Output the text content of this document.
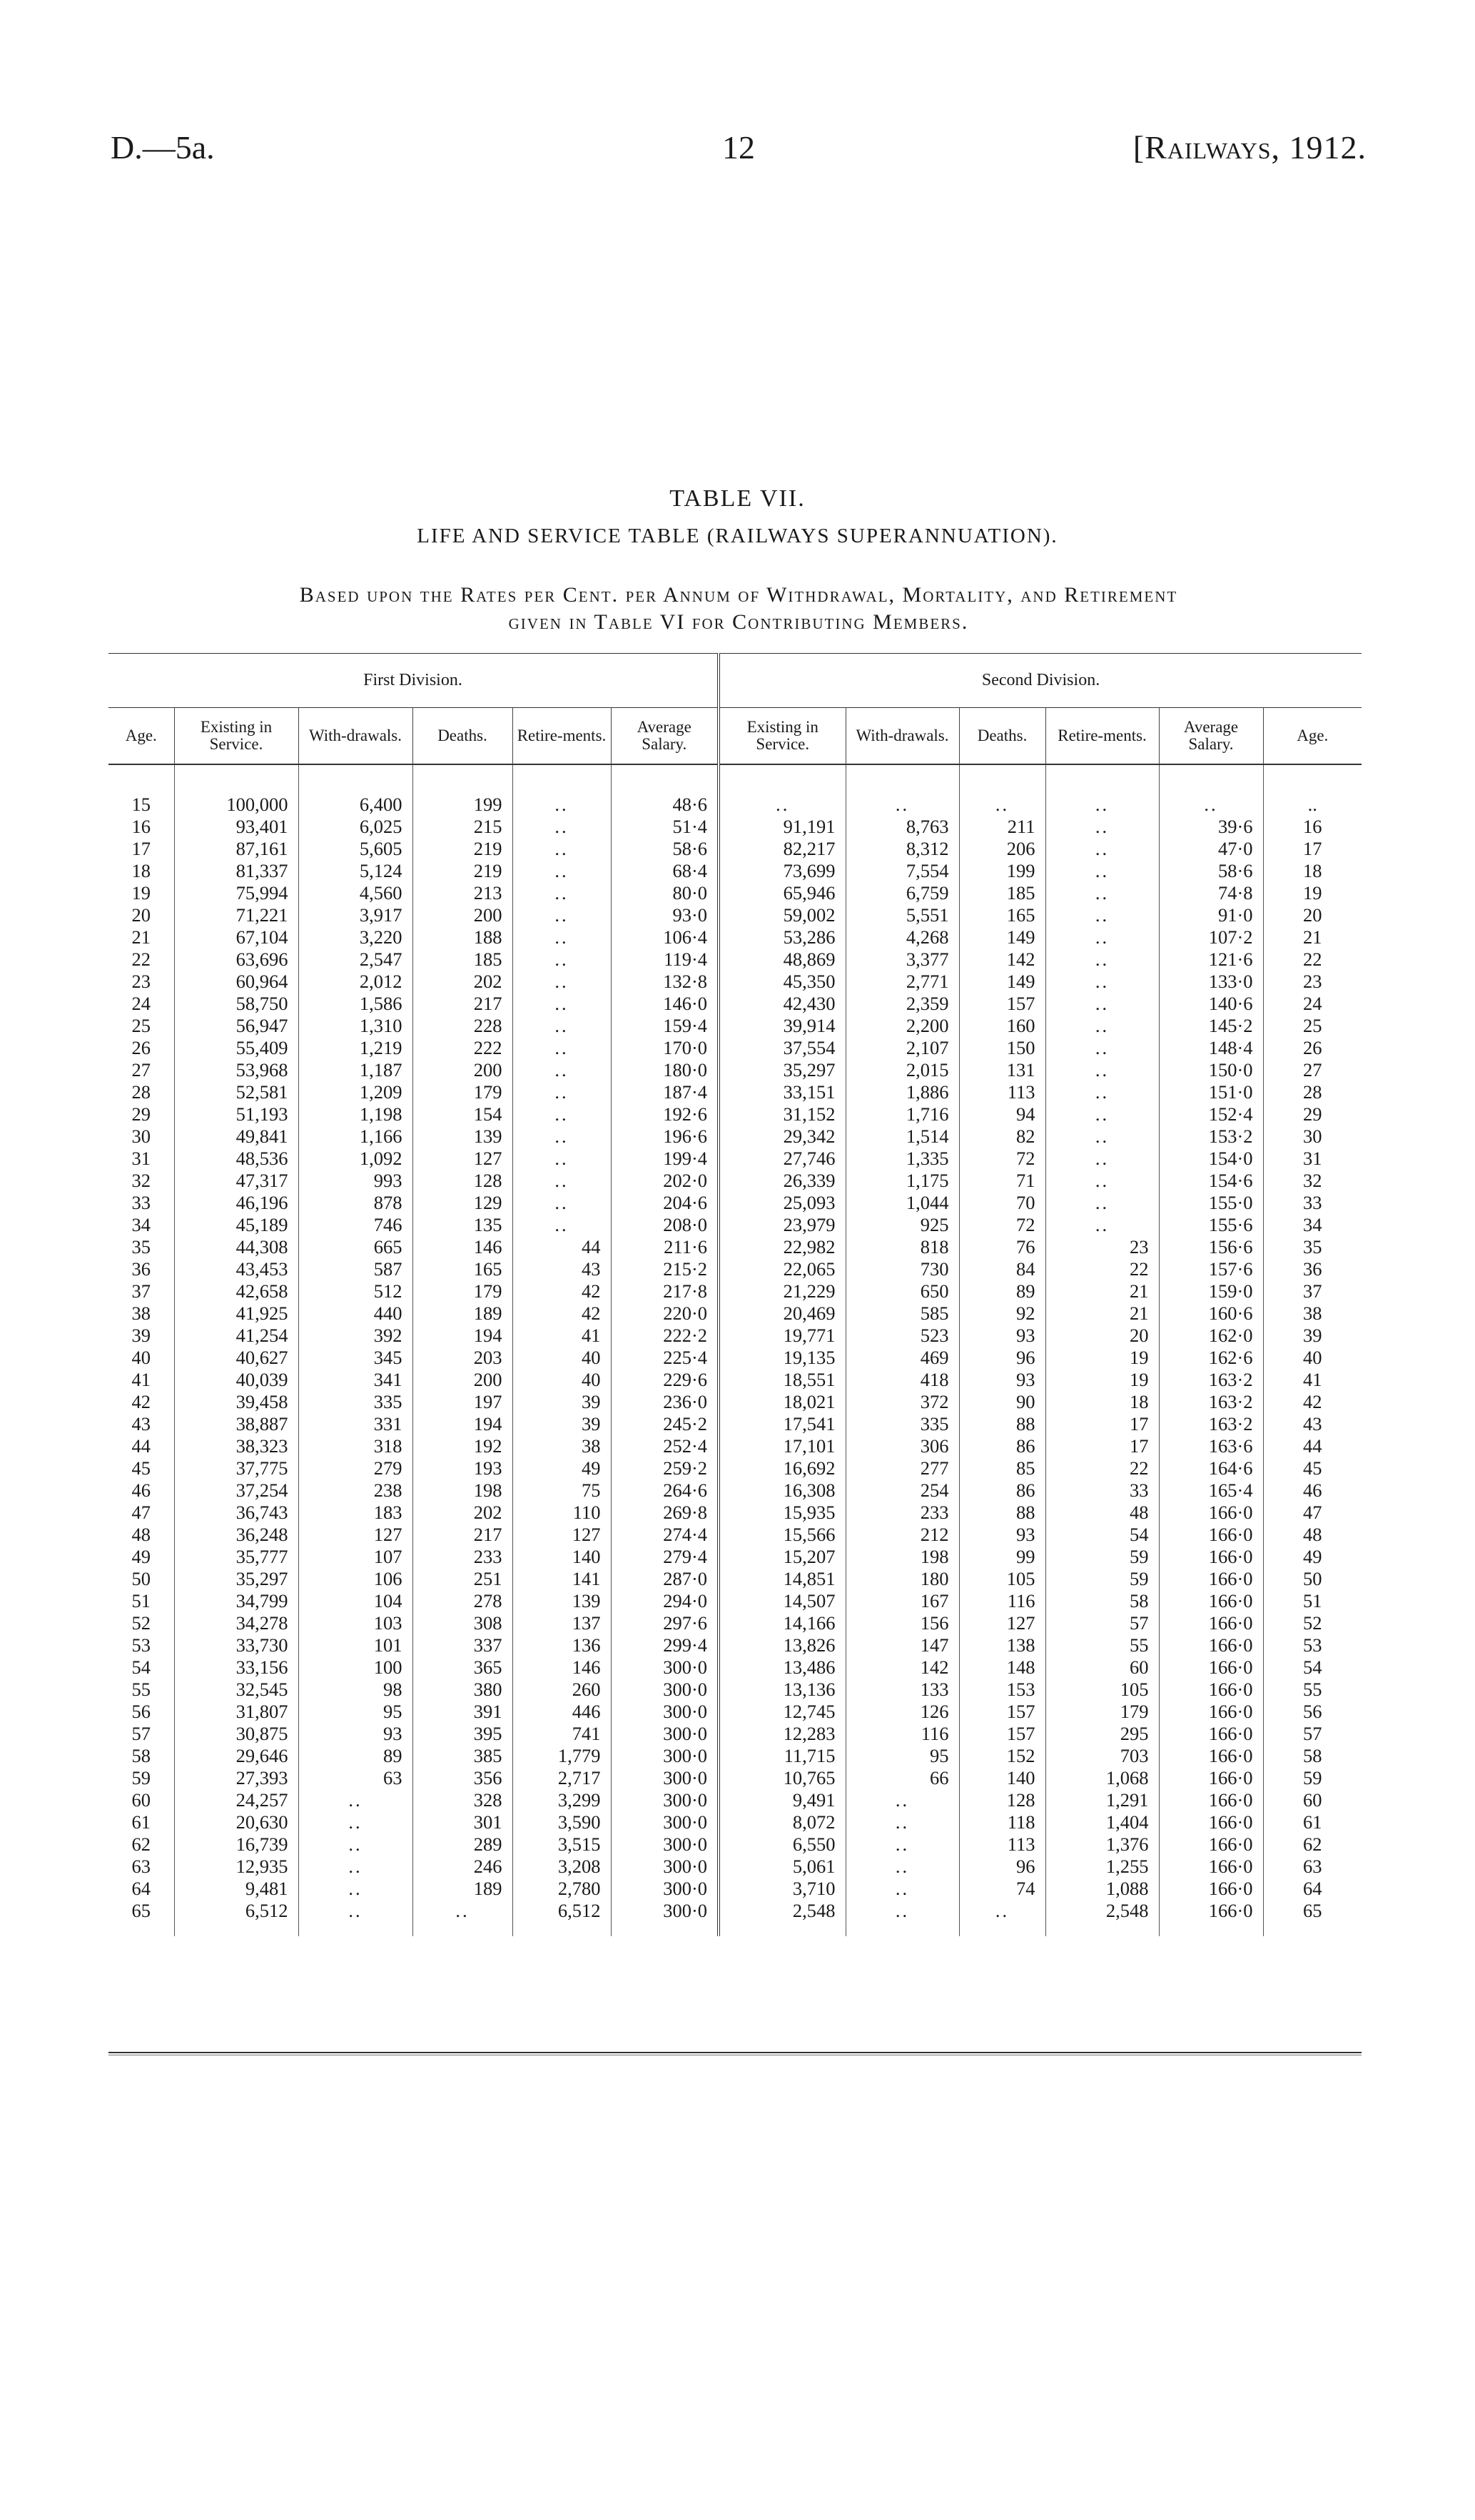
D.—5a.	12	[Railways, 1912.
TABLE VII.
LIFE AND SERVICE TABLE (RAILWAYS SUPERANNUATION).
Based upon the Rates per Cent. per Annum of Withdrawal, Mortality, and Retirement
given in Table VI for Contributing Members.
First Division.						Second Division.					
Age.	Existing in Service.	With-drawals.	Deaths.	Retire-ments.	Average Salary.	Existing in Service.	With-drawals.	Deaths.	Retire-ments.	Average Salary.	Age.

15	100,000	6,400	199	..	48·6	..	..	..	..	..	..
16	93,401	6,025	215	..	51·4	91,191	8,763	211	..	39·6	16
17	87,161	5,605	219	..	58·6	82,217	8,312	206	..	47·0	17
18	81,337	5,124	219	..	68·4	73,699	7,554	199	..	58·6	18
19	75,994	4,560	213	..	80·0	65,946	6,759	185	..	74·8	19
20	71,221	3,917	200	..	93·0	59,002	5,551	165	..	91·0	20
21	67,104	3,220	188	..	106·4	53,286	4,268	149	..	107·2	21
22	63,696	2,547	185	..	119·4	48,869	3,377	142	..	121·6	22
23	60,964	2,012	202	..	132·8	45,350	2,771	149	..	133·0	23
24	58,750	1,586	217	..	146·0	42,430	2,359	157	..	140·6	24
25	56,947	1,310	228	..	159·4	39,914	2,200	160	..	145·2	25
26	55,409	1,219	222	..	170·0	37,554	2,107	150	..	148·4	26
27	53,968	1,187	200	..	180·0	35,297	2,015	131	..	150·0	27
28	52,581	1,209	179	..	187·4	33,151	1,886	113	..	151·0	28
29	51,193	1,198	154	..	192·6	31,152	1,716	94	..	152·4	29
30	49,841	1,166	139	..	196·6	29,342	1,514	82	..	153·2	30
31	48,536	1,092	127	..	199·4	27,746	1,335	72	..	154·0	31
32	47,317	993	128	..	202·0	26,339	1,175	71	..	154·6	32
33	46,196	878	129	..	204·6	25,093	1,044	70	..	155·0	33
34	45,189	746	135	..	208·0	23,979	925	72	..	155·6	34
35	44,308	665	146	44	211·6	22,982	818	76	23	156·6	35
36	43,453	587	165	43	215·2	22,065	730	84	22	157·6	36
37	42,658	512	179	42	217·8	21,229	650	89	21	159·0	37
38	41,925	440	189	42	220·0	20,469	585	92	21	160·6	38
39	41,254	392	194	41	222·2	19,771	523	93	20	162·0	39
40	40,627	345	203	40	225·4	19,135	469	96	19	162·6	40
41	40,039	341	200	40	229·6	18,551	418	93	19	163·2	41
42	39,458	335	197	39	236·0	18,021	372	90	18	163·2	42
43	38,887	331	194	39	245·2	17,541	335	88	17	163·2	43
44	38,323	318	192	38	252·4	17,101	306	86	17	163·6	44
45	37,775	279	193	49	259·2	16,692	277	85	22	164·6	45
46	37,254	238	198	75	264·6	16,308	254	86	33	165·4	46
47	36,743	183	202	110	269·8	15,935	233	88	48	166·0	47
48	36,248	127	217	127	274·4	15,566	212	93	54	166·0	48
49	35,777	107	233	140	279·4	15,207	198	99	59	166·0	49
50	35,297	106	251	141	287·0	14,851	180	105	59	166·0	50
51	34,799	104	278	139	294·0	14,507	167	116	58	166·0	51
52	34,278	103	308	137	297·6	14,166	156	127	57	166·0	52
53	33,730	101	337	136	299·4	13,826	147	138	55	166·0	53
54	33,156	100	365	146	300·0	13,486	142	148	60	166·0	54
55	32,545	98	380	260	300·0	13,136	133	153	105	166·0	55
56	31,807	95	391	446	300·0	12,745	126	157	179	166·0	56
57	30,875	93	395	741	300·0	12,283	116	157	295	166·0	57
58	29,646	89	385	1,779	300·0	11,715	95	152	703	166·0	58
59	27,393	63	356	2,717	300·0	10,765	66	140	1,068	166·0	59
60	24,257	..	328	3,299	300·0	9,491	..	128	1,291	166·0	60
61	20,630	..	301	3,590	300·0	8,072	..	118	1,404	166·0	61
62	16,739	..	289	3,515	300·0	6,550	..	113	1,376	166·0	62
63	12,935	..	246	3,208	300·0	5,061	..	96	1,255	166·0	63
64	9,481	..	189	2,780	300·0	3,710	..	74	1,088	166·0	64
65	6,512	..	..	6,512	300·0	2,548	..	..	2,548	166·0	65
